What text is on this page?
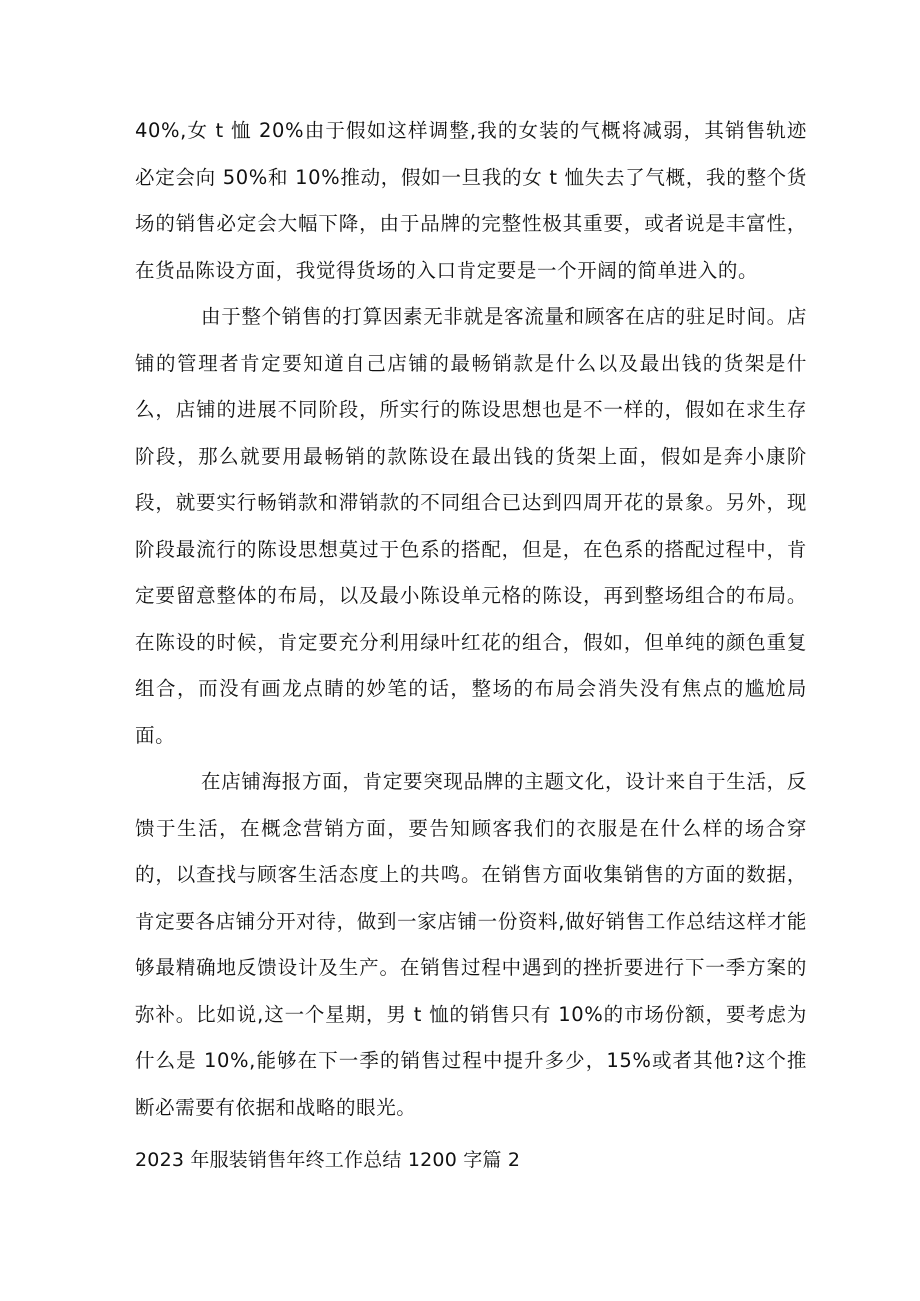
40%,女 t 恤 20%由于假如这样调整,我的女装的气概将减弱，其销售轨迹必定会向 50%和 10%推动，假如一旦我的女 t 恤失去了气概，我的整个货场的销售必定会大幅下降，由于品牌的完整性极其重要，或者说是丰富性，在货品陈设方面，我觉得货场的入口肯定要是一个开阔的简单进入的。

由于整个销售的打算因素无非就是客流量和顾客在店的驻足时间。店铺的管理者肯定要知道自己店铺的最畅销款是什么以及最出钱的货架是什么，店铺的进展不同阶段，所实行的陈设思想也是不一样的，假如在求生存阶段，那么就要用最畅销的款陈设在最出钱的货架上面，假如是奔小康阶段，就要实行畅销款和滞销款的不同组合已达到四周开花的景象。另外，现阶段最流行的陈设思想莫过于色系的搭配，但是，在色系的搭配过程中，肯定要留意整体的布局，以及最小陈设单元格的陈设，再到整场组合的布局。在陈设的时候，肯定要充分利用绿叶红花的组合，假如，但单纯的颜色重复组合，而没有画龙点睛的妙笔的话，整场的布局会消失没有焦点的尴尬局面。

在店铺海报方面，肯定要突现品牌的主题文化，设计来自于生活，反馈于生活，在概念营销方面，要告知顾客我们的衣服是在什么样的场合穿的，以查找与顾客生活态度上的共鸣。在销售方面收集销售的方面的数据，肯定要各店铺分开对待，做到一家店铺一份资料,做好销售工作总结这样才能够最精确地反馈设计及生产。在销售过程中遇到的挫折要进行下一季方案的弥补。比如说,这一个星期，男 t 恤的销售只有 10%的市场份额，要考虑为什么是 10%,能够在下一季的销售过程中提升多少，15%或者其他?这个推断必需要有依据和战略的眼光。

2023 年服装销售年终工作总结 1200 字篇 2
